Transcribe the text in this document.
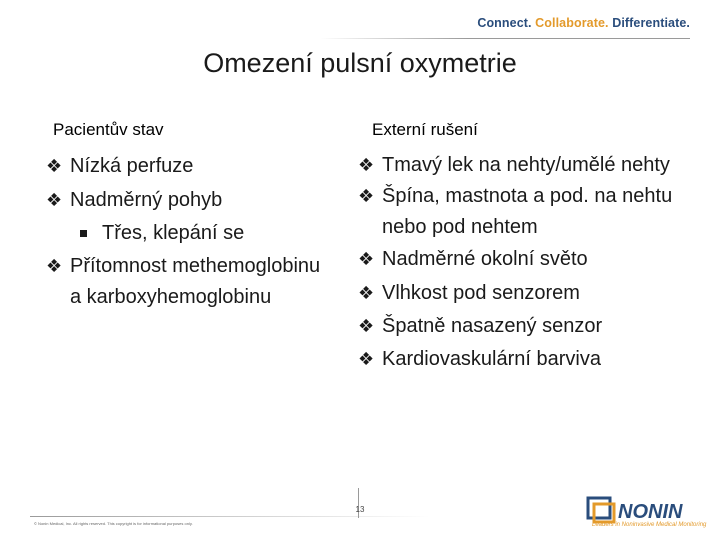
Connect. Collaborate. Differentiate.
Omezení pulsní oxymetrie
Pacientův stav	Externí rušení
❖ Nízká perfuze
❖ Nadměrný pohyb
Třes, klepání se
❖ Přítomnost methemoglobinu a karboxyhemoglobinu
❖ Tmavý lek na nehty/umělé nehty
❖ Špína, mastnota a pod. na nehtu nebo pod nehtem
❖ Nadměrné okolní světo
❖ Vlhkost pod senzorem
❖ Špatně nasazený senzor
❖ Kardiovaskulární barviva
13
© Nonin Medical, Inc. All rights reserved. This copyright is for informational purposes only.
NONIN
Leaders in Noninvasive Medical Monitoring
